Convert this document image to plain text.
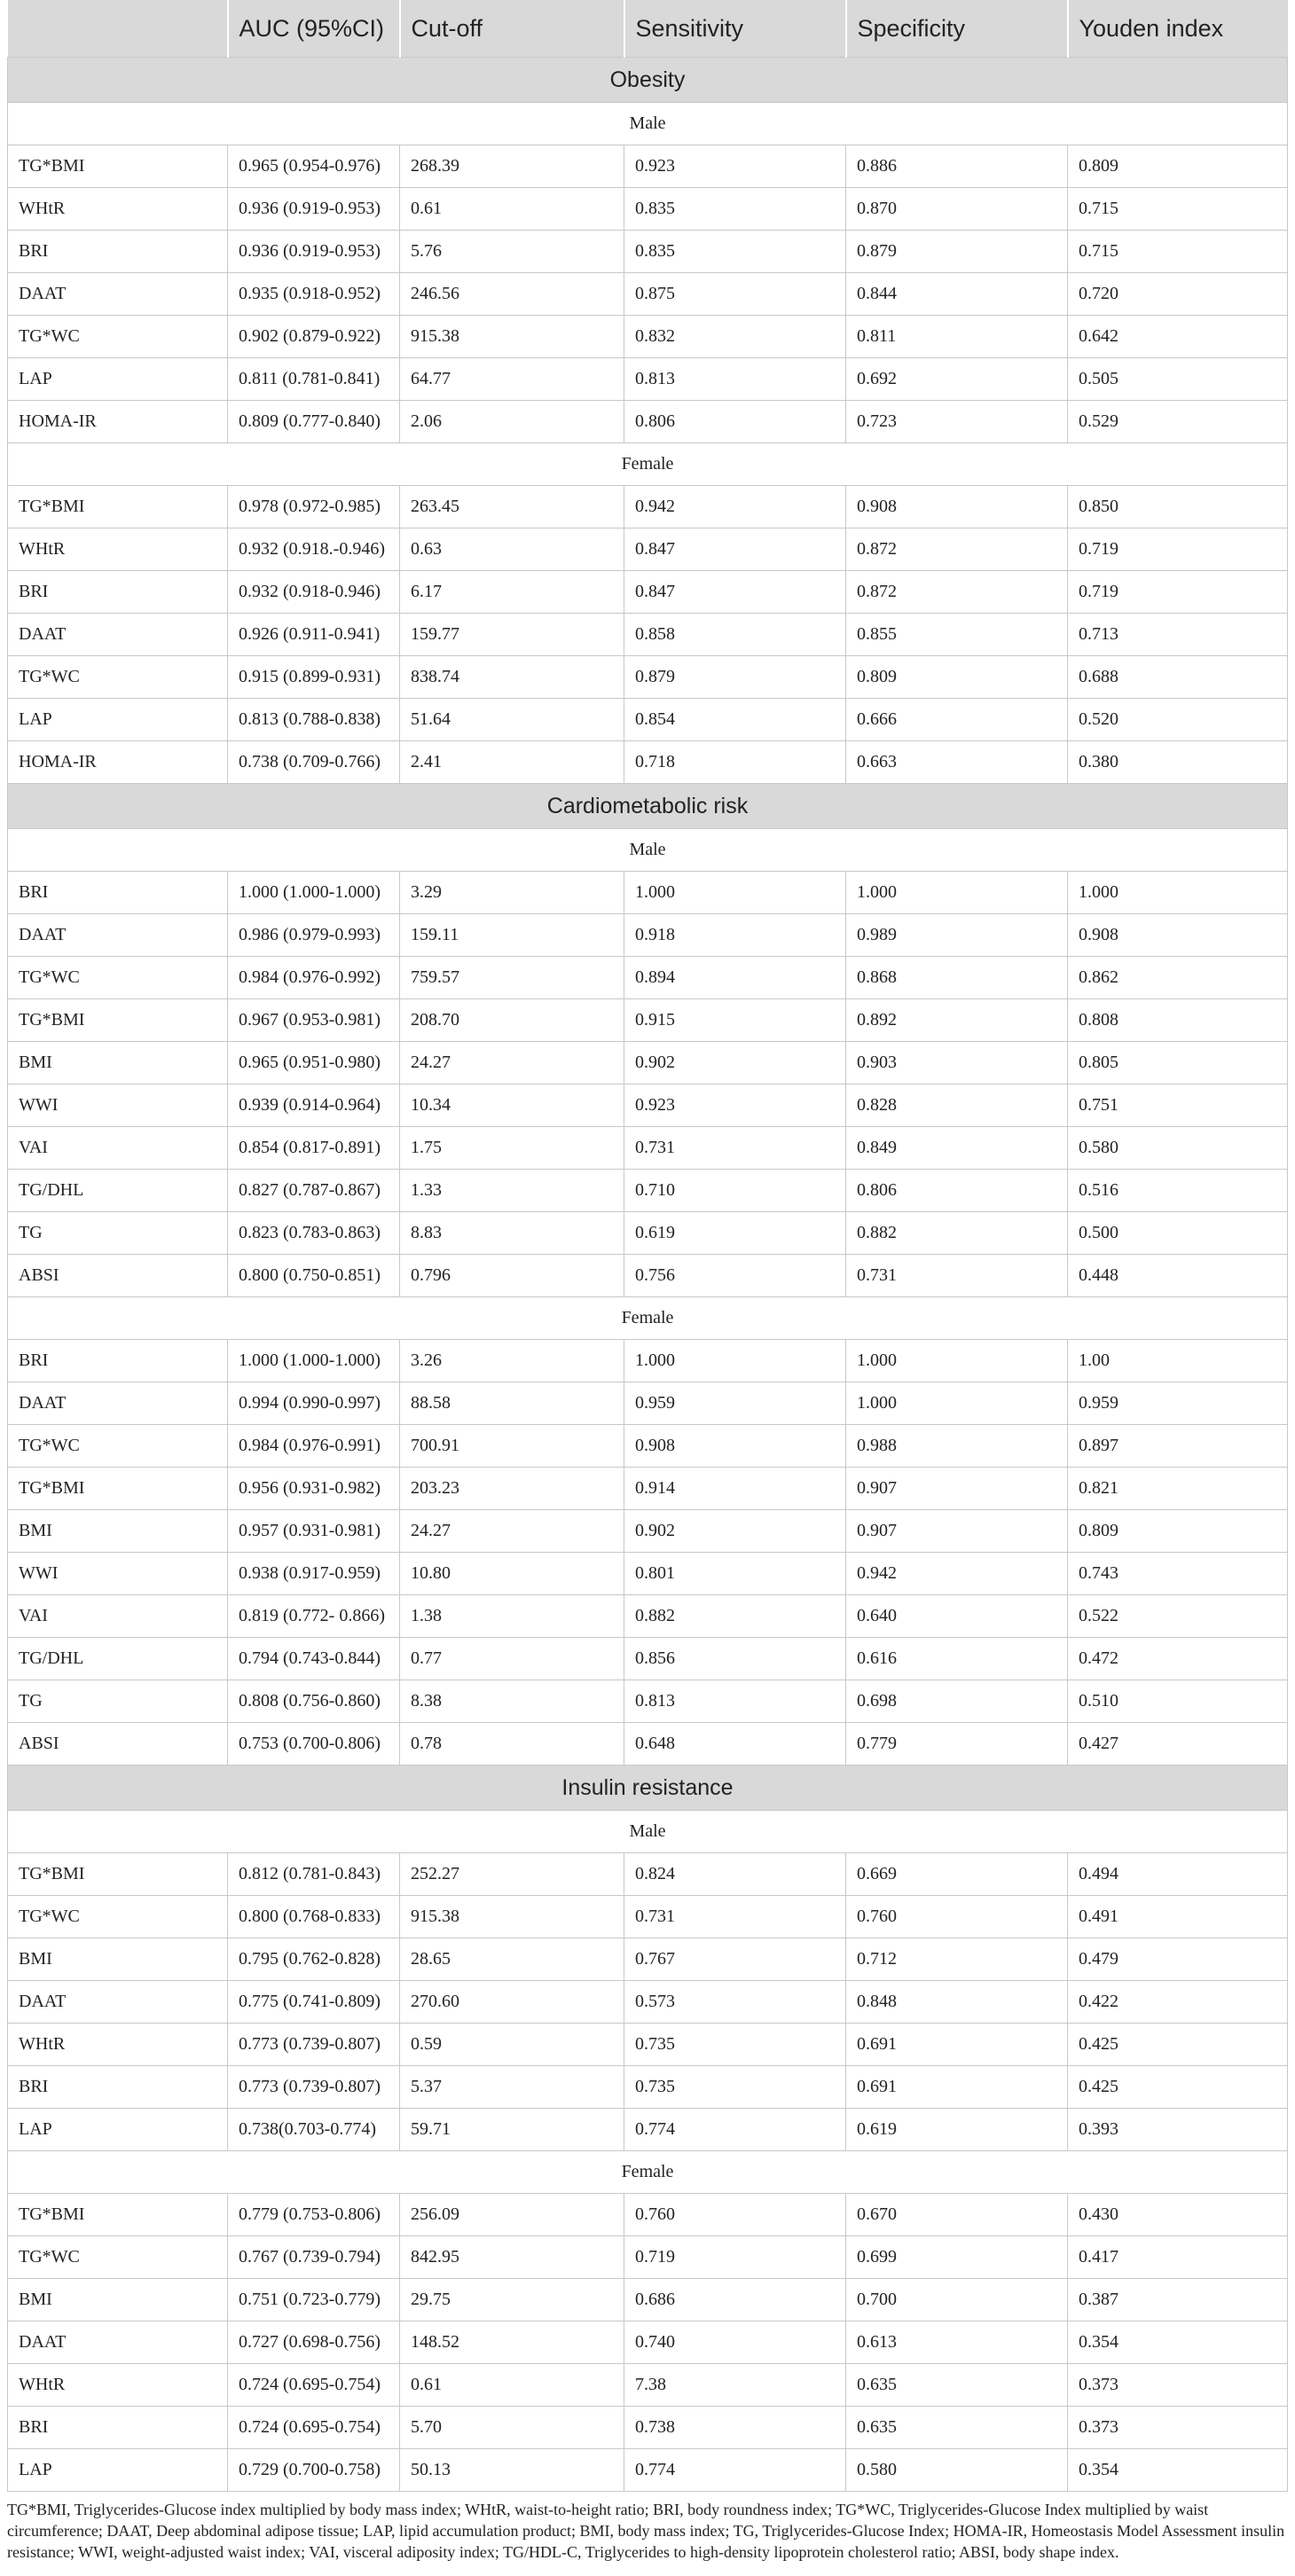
	AUC (95%CI)	Cut-off	Sensitivity	Specificity	Youden index
Obesity					
Male					
TG*BMI	0.965 (0.954-0.976)	268.39	0.923	0.886	0.809
WHtR	0.936 (0.919-0.953)	0.61	0.835	0.870	0.715
BRI	0.936 (0.919-0.953)	5.76	0.835	0.879	0.715
DAAT	0.935 (0.918-0.952)	246.56	0.875	0.844	0.720
TG*WC	0.902 (0.879-0.922)	915.38	0.832	0.811	0.642
LAP	0.811 (0.781-0.841)	64.77	0.813	0.692	0.505
HOMA-IR	0.809 (0.777-0.840)	2.06	0.806	0.723	0.529
Female					
TG*BMI	0.978 (0.972-0.985)	263.45	0.942	0.908	0.850
WHtR	0.932 (0.918.-0.946)	0.63	0.847	0.872	0.719
BRI	0.932 (0.918-0.946)	6.17	0.847	0.872	0.719
DAAT	0.926 (0.911-0.941)	159.77	0.858	0.855	0.713
TG*WC	0.915 (0.899-0.931)	838.74	0.879	0.809	0.688
LAP	0.813 (0.788-0.838)	51.64	0.854	0.666	0.520
HOMA-IR	0.738 (0.709-0.766)	2.41	0.718	0.663	0.380
Cardiometabolic risk					
Male					
BRI	1.000 (1.000-1.000)	3.29	1.000	1.000	1.000
DAAT	0.986 (0.979-0.993)	159.11	0.918	0.989	0.908
TG*WC	0.984 (0.976-0.992)	759.57	0.894	0.868	0.862
TG*BMI	0.967 (0.953-0.981)	208.70	0.915	0.892	0.808
BMI	0.965 (0.951-0.980)	24.27	0.902	0.903	0.805
WWI	0.939 (0.914-0.964)	10.34	0.923	0.828	0.751
VAI	0.854 (0.817-0.891)	1.75	0.731	0.849	0.580
TG/DHL	0.827 (0.787-0.867)	1.33	0.710	0.806	0.516
TG	0.823 (0.783-0.863)	8.83	0.619	0.882	0.500
ABSI	0.800 (0.750-0.851)	0.796	0.756	0.731	0.448
Female					
BRI	1.000 (1.000-1.000)	3.26	1.000	1.000	1.00
DAAT	0.994 (0.990-0.997)	88.58	0.959	1.000	0.959
TG*WC	0.984 (0.976-0.991)	700.91	0.908	0.988	0.897
TG*BMI	0.956 (0.931-0.982)	203.23	0.914	0.907	0.821
BMI	0.957 (0.931-0.981)	24.27	0.902	0.907	0.809
WWI	0.938 (0.917-0.959)	10.80	0.801	0.942	0.743
VAI	0.819 (0.772- 0.866)	1.38	0.882	0.640	0.522
TG/DHL	0.794 (0.743-0.844)	0.77	0.856	0.616	0.472
TG	0.808 (0.756-0.860)	8.38	0.813	0.698	0.510
ABSI	0.753 (0.700-0.806)	0.78	0.648	0.779	0.427
Insulin resistance					
Male					
TG*BMI	0.812 (0.781-0.843)	252.27	0.824	0.669	0.494
TG*WC	0.800 (0.768-0.833)	915.38	0.731	0.760	0.491
BMI	0.795 (0.762-0.828)	28.65	0.767	0.712	0.479
DAAT	0.775 (0.741-0.809)	270.60	0.573	0.848	0.422
WHtR	0.773 (0.739-0.807)	0.59	0.735	0.691	0.425
BRI	0.773 (0.739-0.807)	5.37	0.735	0.691	0.425
LAP	0.738(0.703-0.774)	59.71	0.774	0.619	0.393
Female					
TG*BMI	0.779 (0.753-0.806)	256.09	0.760	0.670	0.430
TG*WC	0.767 (0.739-0.794)	842.95	0.719	0.699	0.417
BMI	0.751 (0.723-0.779)	29.75	0.686	0.700	0.387
DAAT	0.727 (0.698-0.756)	148.52	0.740	0.613	0.354
WHtR	0.724 (0.695-0.754)	0.61	7.38	0.635	0.373
BRI	0.724 (0.695-0.754)	5.70	0.738	0.635	0.373
LAP	0.729 (0.700-0.758)	50.13	0.774	0.580	0.354
TG*BMI, Triglycerides-Glucose index multiplied by body mass index; WHtR, waist-to-height ratio; BRI, body roundness index; TG*WC, Triglycerides-Glucose Index multiplied by waist circumference; DAAT, Deep abdominal adipose tissue; LAP, lipid accumulation product; BMI, body mass index; TG, Triglycerides-Glucose Index; HOMA-IR, Homeostasis Model Assessment insulin resistance; WWI, weight-adjusted waist index; VAI, visceral adiposity index; TG/HDL-C, Triglycerides to high-density lipoprotein cholesterol ratio; ABSI, body shape index.
